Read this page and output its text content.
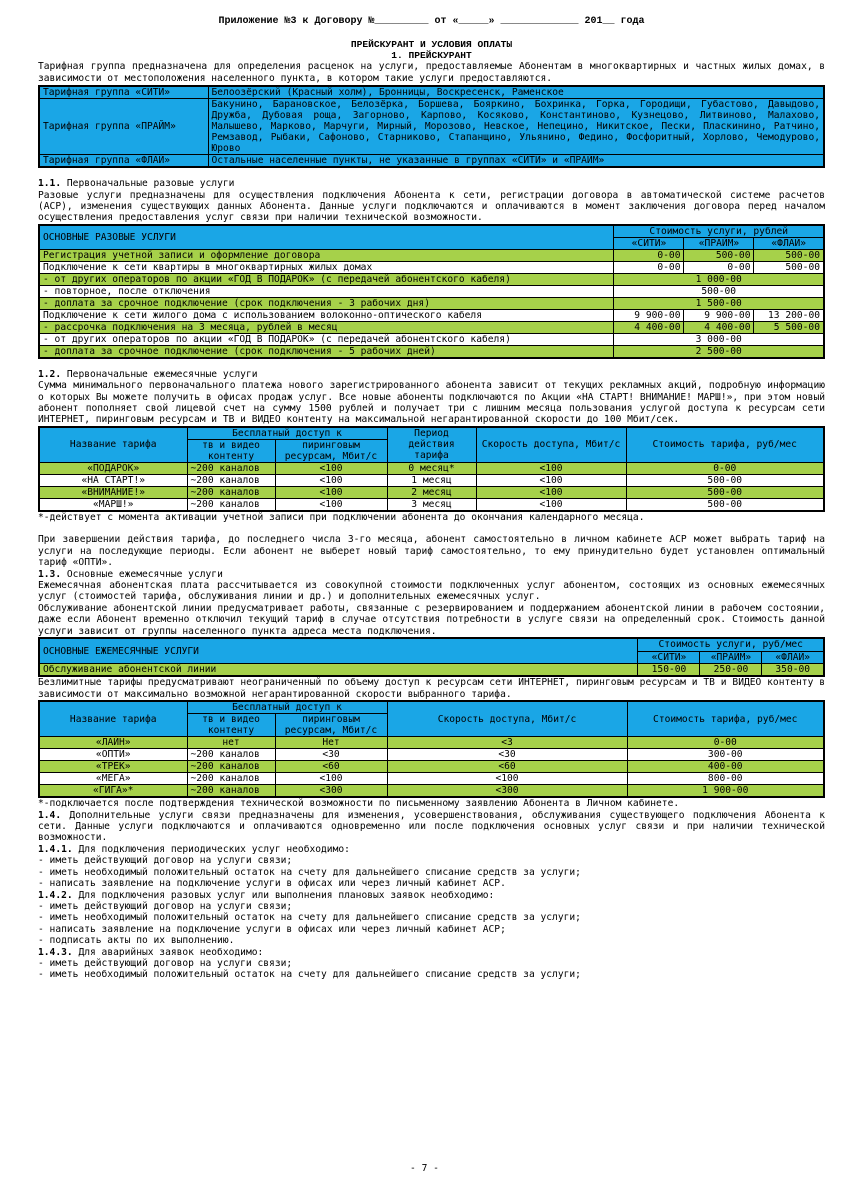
Приложение №3 к Договору №_________ от «_____» _____________ 201__ года
ПРЕЙСКУРАНТ И УСЛОВИЯ ОПЛАТЫ
1. ПРЕЙСКУРАНТ

Тарифная группа предназначена для определения расценок на услуги, предоставляемые Абонентам в многоквартирных и частных жилых домах, в зависимости от местоположения населенного пункта, в котором такие услуги предоставляются.

Тарифная группа «СИТИ»	Белоозёрский (Красный холм), Бронницы, Воскресенск, Раменское
Тарифная группа «ПРАЙМ»	Бакунино, Барановское, Белозёрка, Боршева, Бояркино, Бохринка, Горка, Городищи, Губастово, Давыдово, Дружба, Дубовая роща, Загорново, Карпово, Косяково, Константиново, Кузнецово, Литвиново, Малахово, Малышево, Марково, Марчуги, Мирный, Морозово, Невское, Непецино, Никитское, Пески, Пласкинино, Ратчино, Ремзавод, Рыбаки, Сафоново, Старниково, Стапанщино, Ульянино, Федино, Фосфоритный, Хорлово, Чемодурово, Юрово
Тарифная группа «ФЛАЙ»	Остальные населенные пункты, не указанные в группах «СИТИ» и «ПРАЙМ»

1.1. Первоначальные разовые услуги

Разовые услуги предназначены для осуществления подключения Абонента к сети, регистрации договора в автоматической системе расчетов (АСР), изменения существующих данных Абонента. Данные услуги подключаются и оплачиваются в момент заключения договора перед началом осуществления предоставления услуг связи при наличии технической возможности.

ОСНОВНЫЕ РАЗОВЫЕ УСЛУГИ	Стоимость услуги, рублей		
	«СИТИ»	«ПРАЙМ»	«ФЛАЙ»
Регистрация учетной записи и оформление договора	0-00	500-00	500-00
Подключение к сети квартиры в многоквартирных жилых домах	0-00	0-00	500-00
- от других операторов по акции «ГОД В ПОДАРОК» (с передачей абонентского кабеля)	1 000-00		
- повторное, после отключения	500-00		
- доплата за срочное подключение (срок подключения - 3 рабочих дня)	1 500-00		
Подключение к сети жилого дома с использованием волоконно-оптического кабеля	9 900-00	9 900-00	13 200-00
- рассрочка подключения на 3 месяца, рублей в месяц	4 400-00	4 400-00	5 500-00
- от других операторов по акции «ГОД В ПОДАРОК» (с передачей абонентского кабеля)	3 000-00		
- доплата за срочное подключение (срок подключения - 5 рабочих дней)	2 500-00		

1.2. Первоначальные ежемесячные услуги

Сумма минимального первоначального платежа нового зарегистрированного абонента зависит от текущих рекламных акций, подробную информацию о которых Вы можете получить в офисах продаж услуг. Все новые абоненты подключаются по Акции «НА СТАРТ! ВНИМАНИЕ! МАРШ!», при этом новый абонент пополняет свой лицевой счет на сумму 1500 рублей и получает три с лишним месяца пользования услугой доступа к ресурсам сети ИНТЕРНЕТ, пиринговым ресурсам и ТВ и ВИДЕО контенту на максимальной негарантированной скорости до 100 Мбит/сек.

Название тарифа	Бесплатный доступ к		Период действия тарифа	Скорость доступа, Мбит/с	Стоимость тарифа, руб/мес
	тв и видео контенту	пиринговым ресурсам, Мбит/с			
«ПОДАРОК»	~200 каналов	<100	0 месяц*	<100	0-00
«НА СТАРТ!»	~200 каналов	<100	1 месяц	<100	500-00
«ВНИМАНИЕ!»	~200 каналов	<100	2 месяц	<100	500-00
«МАРШ!»	~200 каналов	<100	3 месяц	<100	500-00

*-действует с момента активации учетной записи при подключении абонента до окончания календарного месяца.

При завершении действия тарифа, до последнего числа 3-го месяца, абонент самостоятельно в личном кабинете АСР может выбрать тариф на услуги на последующие периоды. Если абонент не выберет новый тариф самостоятельно, то ему принудительно будет установлен оптимальный тариф «ОПТИ».

1.3. Основные ежемесячные услуги

Ежемесячная абонентская плата рассчитывается из совокупной стоимости подключенных услуг абонентом, состоящих из основных ежемесячных услуг (стоимостей тарифа, обслуживания линии и др.) и дополнительных ежемесячных услуг.

Обслуживание абонентской линии предусматривает работы, связанные с резервированием и поддержанием абонентской линии в рабочем состоянии, даже если Абонент временно отключил текущий тариф в случае отсутствия потребности в услуге связи на определенный срок. Стоимость данной услуги зависит от группы населенного пункта адреса места подключения.

ОСНОВНЫЕ ЕЖЕМЕСЯЧНЫЕ УСЛУГИ	Стоимость услуги, руб/мес		
	«СИТИ»	«ПРАЙМ»	«ФЛАЙ»
Обслуживание абонентской линии	150-00	250-00	350-00

Безлимитные тарифы предусматривают неограниченный по объему доступ к ресурсам сети ИНТЕРНЕТ, пиринговым ресурсам и ТВ и ВИДЕО контенту в зависимости от максимально возможной негарантированной скорости выбранного тарифа.

Название тарифа	Бесплатный доступ к		Скорость доступа, Мбит/с	Стоимость тарифа, руб/мес
	тв и видео контенту	пиринговым ресурсам, Мбит/с		
«ЛАЙН»	нет	Нет	<3	0-00
«ОПТИ»	~200 каналов	<30	<30	300-00
«ТРЕК»	~200 каналов	<60	<60	400-00
«МЕГА»	~200 каналов	<100	<100	800-00
«ГИГА»*	~200 каналов	<300	<300	1 900-00

*-подключается после подтверждения технической возможности по письменному заявлению Абонента в Личном кабинете.

1.4. Дополнительные услуги связи предназначены для изменения, усовершенствования, обслуживания существующего подключения Абонента к сети. Данные услуги подключаются и оплачиваются одновременно или после подключения основных услуг связи и при наличии технической возможности.

1.4.1. Для подключения периодических услуг необходимо:

- иметь действующий договор на услуги связи;

- иметь необходимый положительный остаток на счету для дальнейшего списание средств за услуги;

- написать заявление на подключение услуги в офисах или через личный кабинет АСР.

1.4.2. Для подключения разовых услуг или выполнения плановых заявок необходимо:

- иметь действующий договор на услуги связи;

- иметь необходимый положительный остаток на счету для дальнейшего списание средств за услуги;

- написать заявление на подключение услуги в офисах или через личный кабинет АСР;

- подписать акты по их выполнению.

1.4.3. Для аварийных заявок необходимо:

- иметь действующий договор на услуги связи;

- иметь необходимый положительный остаток на счету для дальнейшего списание средств за услуги;

- 7 -
